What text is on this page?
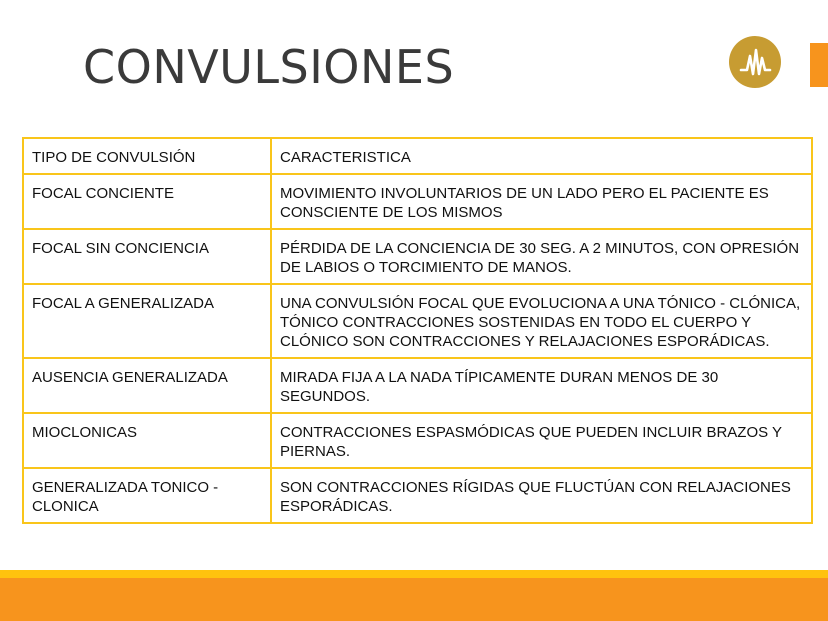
CONVULSIONES
TIPO DE CONVULSIÓN	CARACTERISTICA
FOCAL CONCIENTE	MOVIMIENTO INVOLUNTARIOS DE UN LADO PERO EL PACIENTE ES CONSCIENTE DE LOS MISMOS
FOCAL SIN CONCIENCIA	PÉRDIDA DE LA CONCIENCIA DE 30 SEG. A 2 MINUTOS, CON OPRESIÓN DE LABIOS O TORCIMIENTO DE MANOS.
FOCAL A GENERALIZADA	UNA CONVULSIÓN FOCAL QUE EVOLUCIONA A UNA TÓNICO - CLÓNICA, TÓNICO CONTRACCIONES SOSTENIDAS EN TODO EL CUERPO Y CLÓNICO SON CONTRACCIONES Y RELAJACIONES ESPORÁDICAS.
AUSENCIA GENERALIZADA	MIRADA FIJA A LA NADA TÍPICAMENTE DURAN MENOS DE 30 SEGUNDOS.
MIOCLONICAS	CONTRACCIONES ESPASMÓDICAS QUE PUEDEN INCLUIR BRAZOS Y PIERNAS.
GENERALIZADA TONICO - CLONICA	SON CONTRACCIONES RÍGIDAS QUE FLUCTÚAN CON RELAJACIONES ESPORÁDICAS.
